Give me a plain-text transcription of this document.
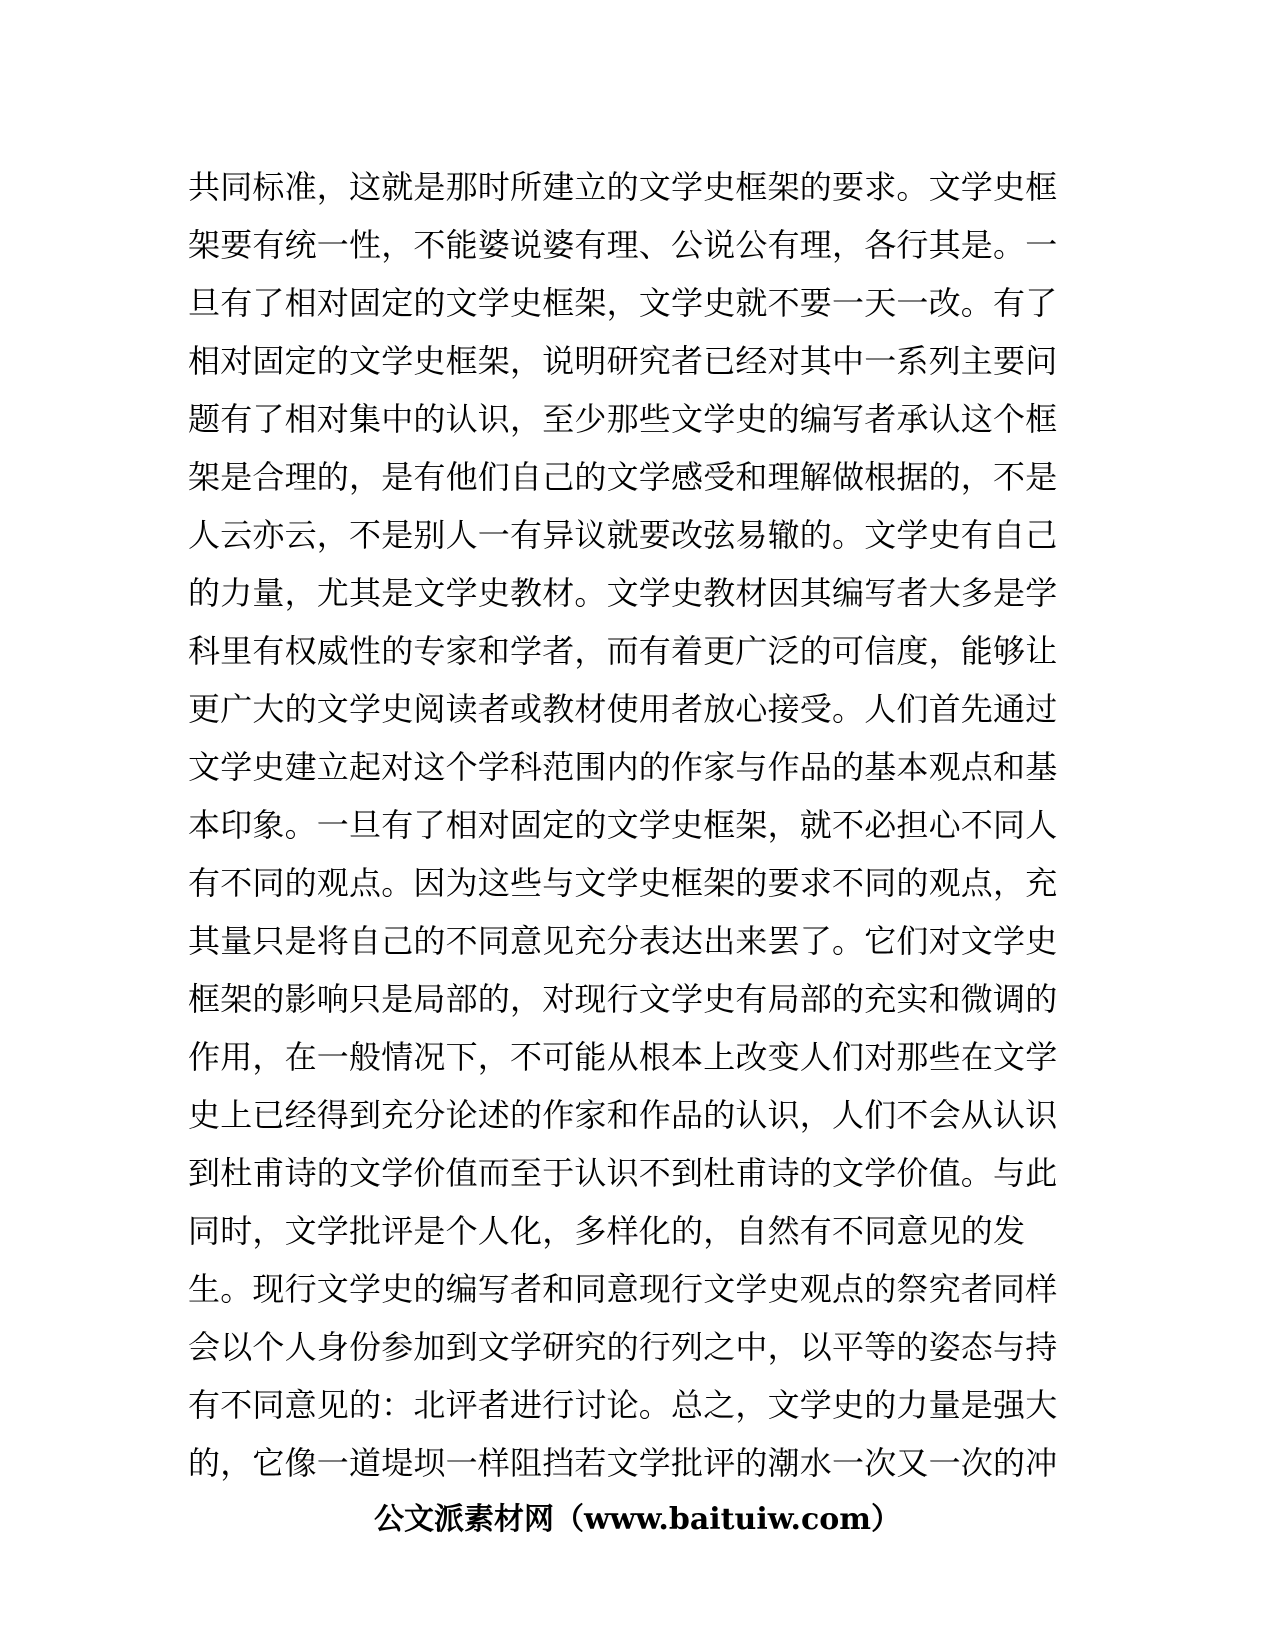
共同标准，这就是那时所建立的文学史框架的要求。文学史框
架要有统一性，不能婆说婆有理、公说公有理，各行其是。一
旦有了相对固定的文学史框架，文学史就不要一天一改。有了
相对固定的文学史框架，说明研究者已经对其中一系列主要问
题有了相对集中的认识，至少那些文学史的编写者承认这个框
架是合理的，是有他们自己的文学感受和理解做根据的，不是
人云亦云，不是别人一有异议就要改弦易辙的。文学史有自己
的力量，尤其是文学史教材。文学史教材因其编写者大多是学
科里有权威性的专家和学者，而有着更广泛的可信度，能够让
更广大的文学史阅读者或教材使用者放心接受。人们首先通过
文学史建立起对这个学科范围内的作家与作品的基本观点和基
本印象。一旦有了相对固定的文学史框架，就不必担心不同人
有不同的观点。因为这些与文学史框架的要求不同的观点，充
其量只是将自己的不同意见充分表达出来罢了。它们对文学史
框架的影响只是局部的，对现行文学史有局部的充实和微调的
作用，在一般情况下，不可能从根本上改变人们对那些在文学
史上已经得到充分论述的作家和作品的认识，人们不会从认识
到杜甫诗的文学价值而至于认识不到杜甫诗的文学价值。与此
同时，文学批评是个人化，多样化的，自然有不同意见的发
生。现行文学史的编写者和同意现行文学史观点的祭究者同样
会以个人身份参加到文学研究的行列之中，以平等的姿态与持
有不同意见的：北评者进行讨论。总之，文学史的力量是强大
的，它像一道堤坝一样阻挡若文学批评的潮水一次又一次的冲
公文派素材网（www.baituiw.com）
